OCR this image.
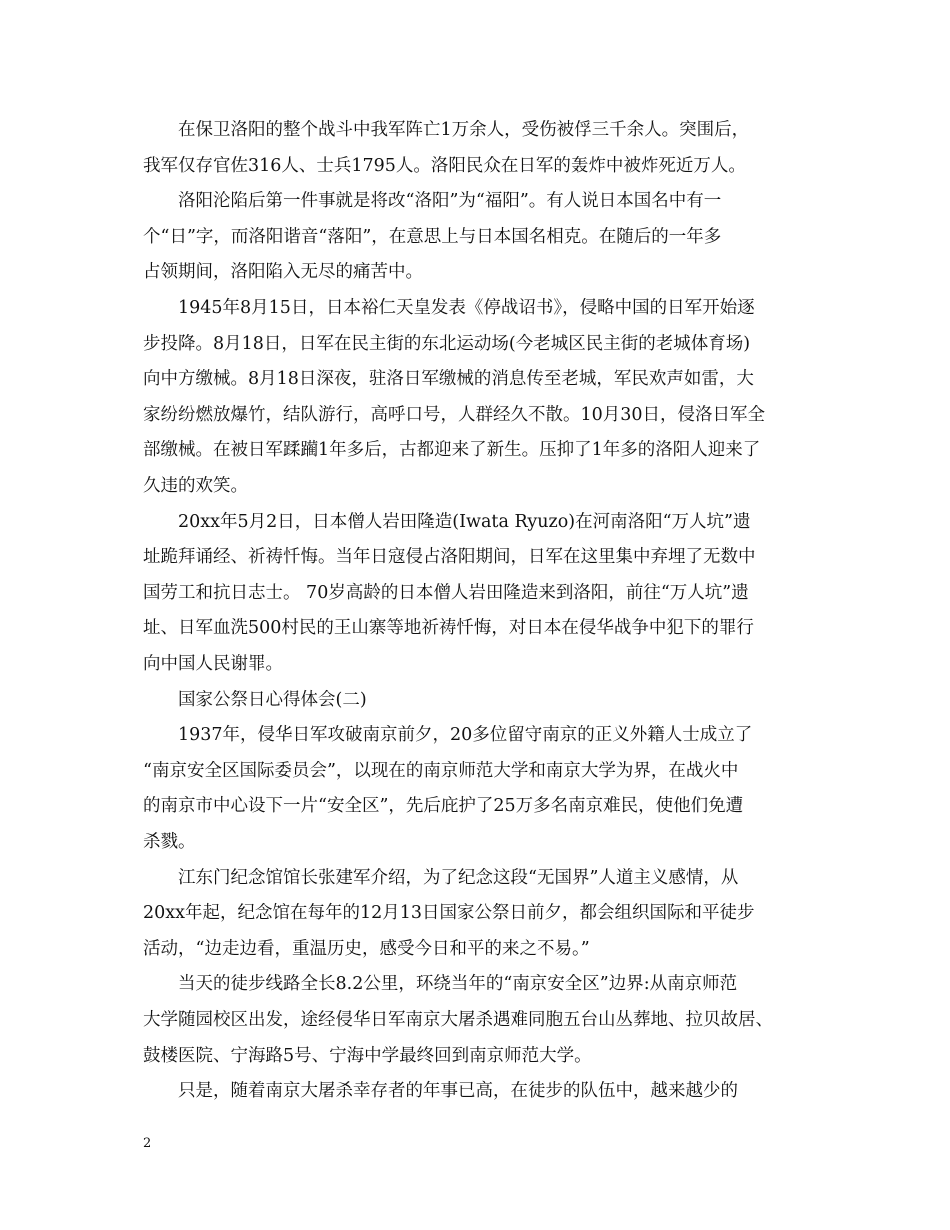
在保卫洛阳的整个战斗中我军阵亡1万余人，受伤被俘三千余人。突围后，
我军仅存官佐316人、士兵1795人。洛阳民众在日军的轰炸中被炸死近万人。
洛阳沦陷后第一件事就是将改“洛阳”为“福阳”。有人说日本国名中有一
个“日”字，而洛阳谐音“落阳”，在意思上与日本国名相克。在随后的一年多
占领期间，洛阳陷入无尽的痛苦中。
1945年8月15日，日本裕仁天皇发表《停战诏书》，侵略中国的日军开始逐
步投降。8月18日，日军在民主街的东北运动场(今老城区民主街的老城体育场)
向中方缴械。8月18日深夜，驻洛日军缴械的消息传至老城，军民欢声如雷，大
家纷纷燃放爆竹，结队游行，高呼口号，人群经久不散。10月30日，侵洛日军全
部缴械。在被日军蹂躏1年多后，古都迎来了新生。压抑了1年多的洛阳人迎来了
久违的欢笑。
20xx年5月2日，日本僧人岩田隆造(Iwata Ryuzo)在河南洛阳“万人坑”遗
址跪拜诵经、祈祷忏悔。当年日寇侵占洛阳期间，日军在这里集中弃埋了无数中
国劳工和抗日志士。 70岁高龄的日本僧人岩田隆造来到洛阳，前往“万人坑”遗
址、日军血洗500村民的王山寨等地祈祷忏悔，对日本在侵华战争中犯下的罪行
向中国人民谢罪。
国家公祭日心得体会(二)
1937年，侵华日军攻破南京前夕，20多位留守南京的正义外籍人士成立了
“南京安全区国际委员会”，以现在的南京师范大学和南京大学为界，在战火中
的南京市中心设下一片“安全区”，先后庇护了25万多名南京难民，使他们免遭
杀戮。
江东门纪念馆馆长张建军介绍，为了纪念这段“无国界”人道主义感情，从
20xx年起，纪念馆在每年的12月13日国家公祭日前夕，都会组织国际和平徒步
活动，“边走边看，重温历史，感受今日和平的来之不易。”
当天的徒步线路全长8.2公里，环绕当年的“南京安全区”边界:从南京师范
大学随园校区出发，途经侵华日军南京大屠杀遇难同胞五台山丛葬地、拉贝故居、
鼓楼医院、宁海路5号、宁海中学最终回到南京师范大学。
只是，随着南京大屠杀幸存者的年事已高，在徒步的队伍中，越来越少的
2
